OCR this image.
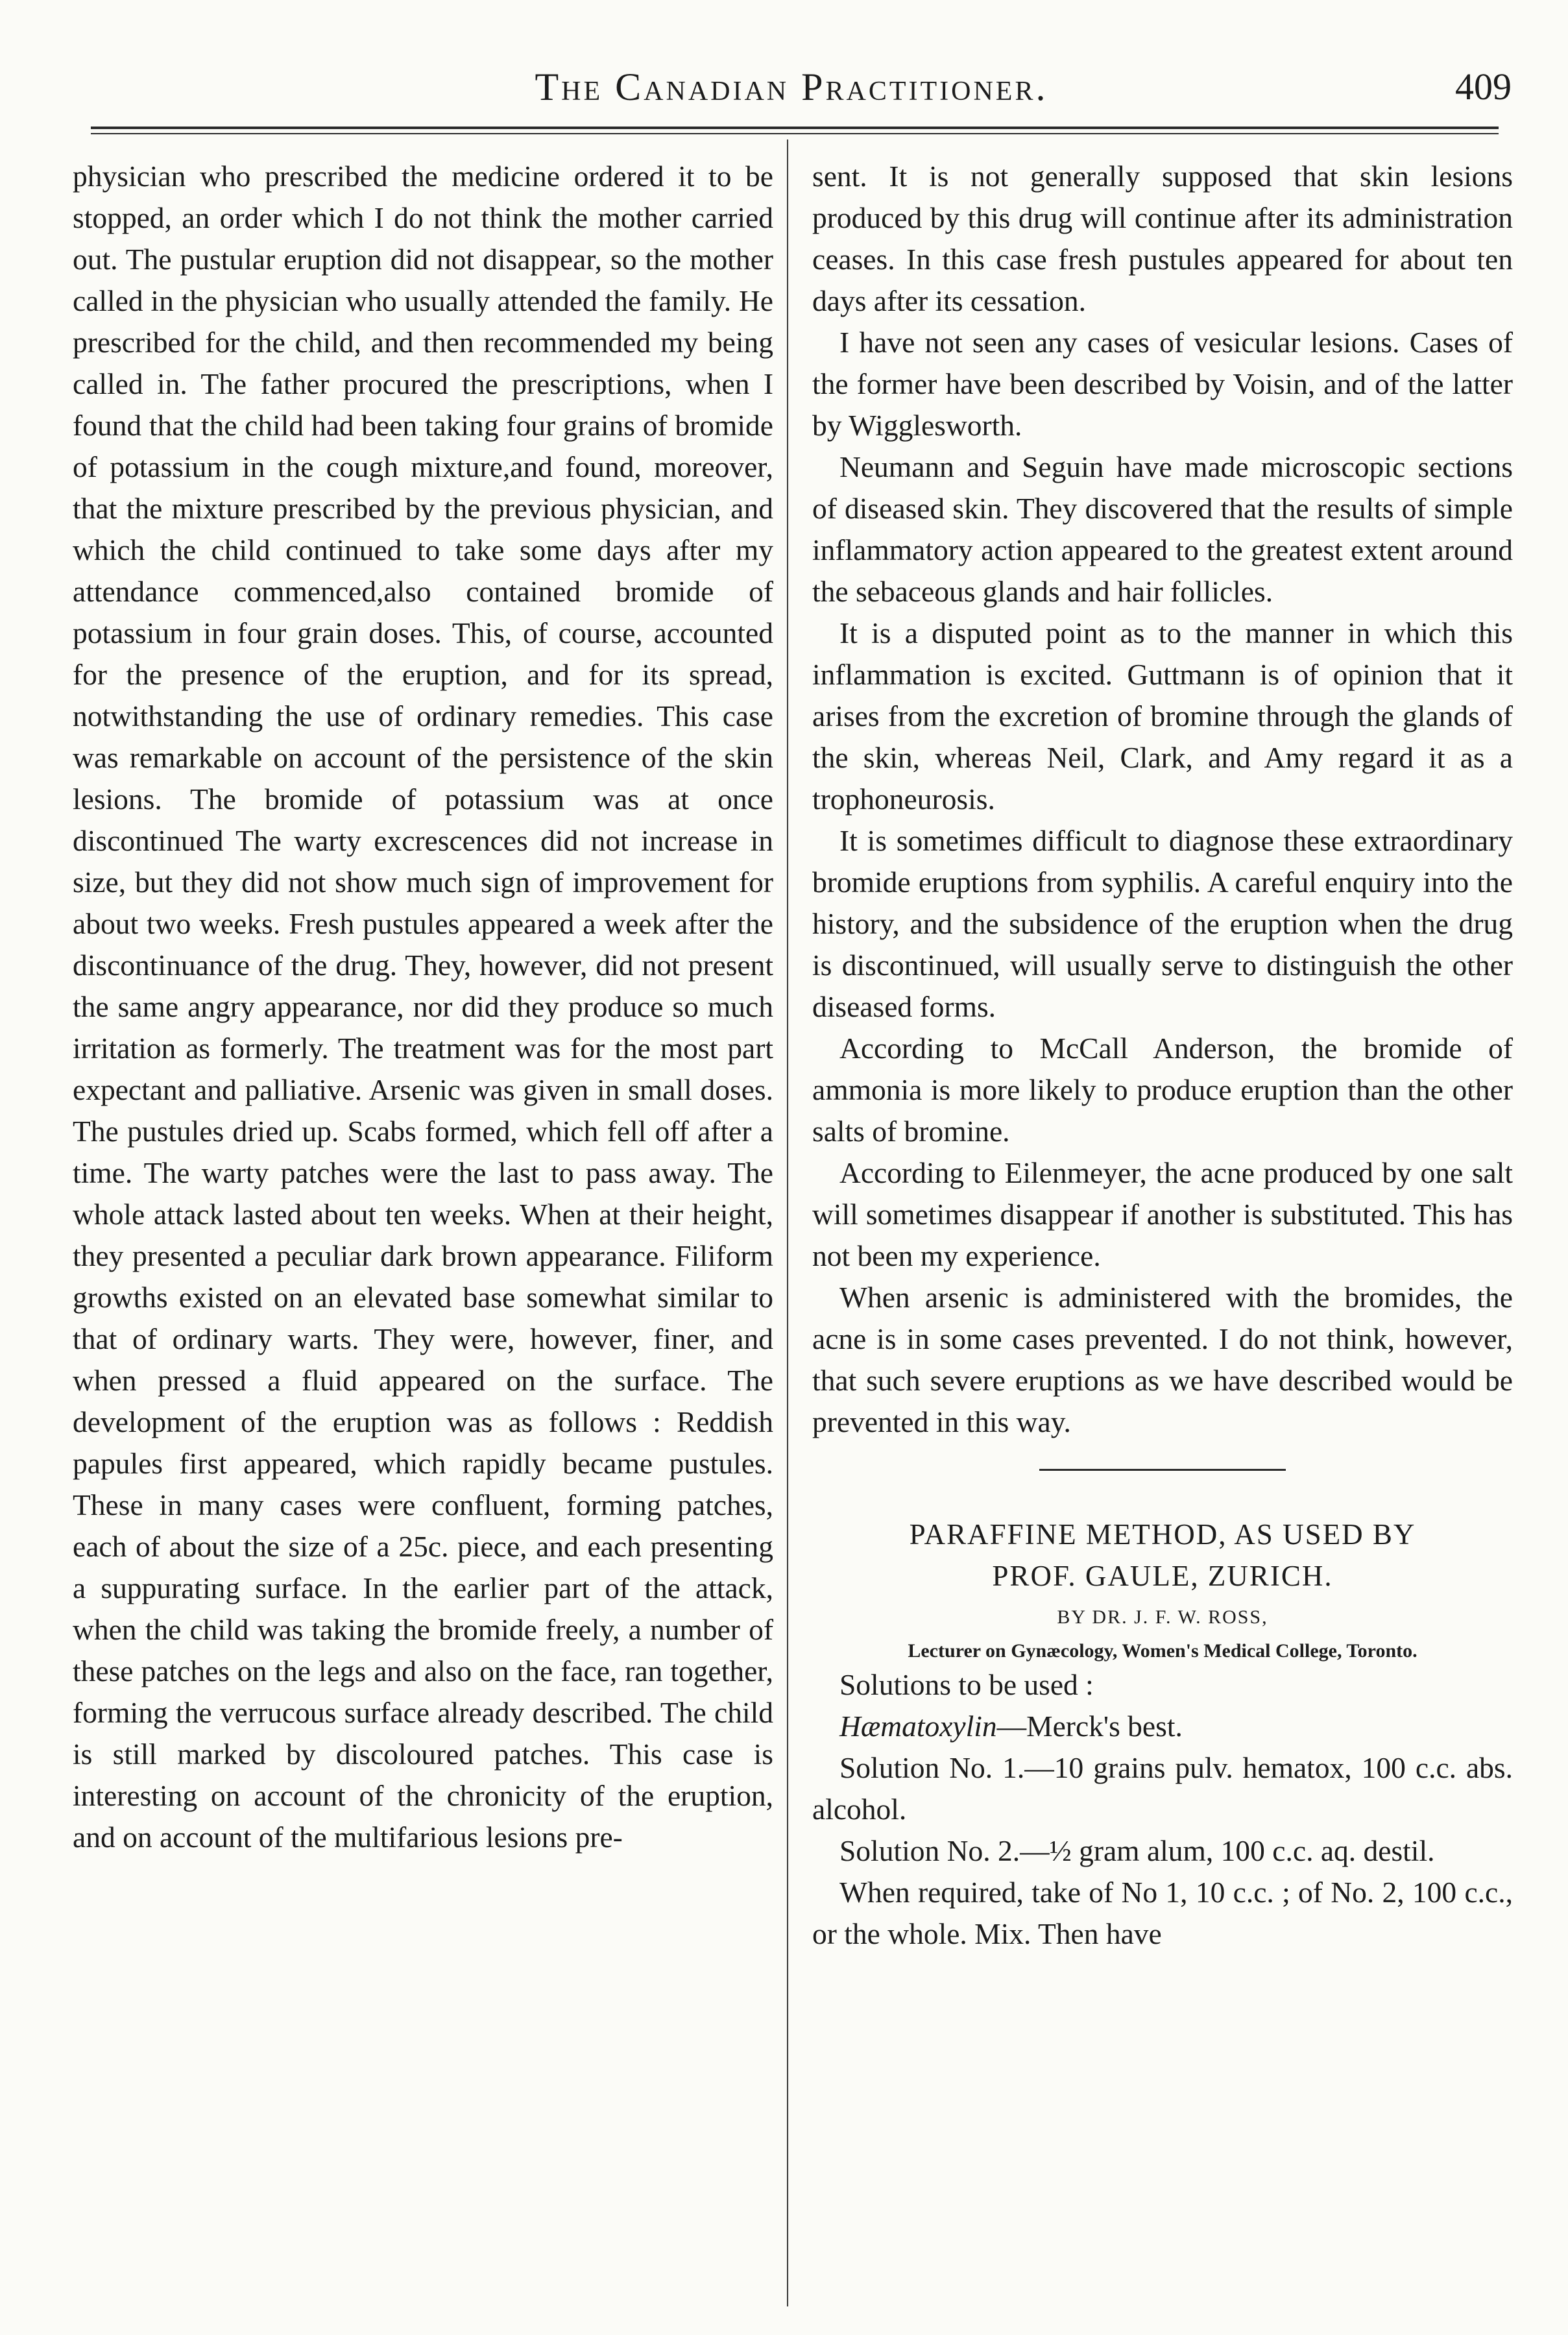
The Canadian Practitioner.	409

physician who prescribed the medicine ordered it to be stopped, an order which I do not think the mother carried out. The pustular eruption did not disappear, so the mother called in the physician who usually attended the family. He prescribed for the child, and then recommended my being called in. The father procured the prescriptions, when I found that the child had been taking four grains of bromide of potassium in the cough mixture,and found, moreover, that the mixture prescribed by the previous physician, and which the child continued to take some days after my attendance commenced,also contained bromide of potassium in four grain doses. This, of course, accounted for the presence of the eruption, and for its spread, notwithstanding the use of ordinary remedies. This case was remarkable on account of the persistence of the skin lesions. The bromide of potassium was at once discontinued The warty excrescences did not increase in size, but they did not show much sign of improvement for about two weeks. Fresh pustules appeared a week after the discontinuance of the drug. They, however, did not present the same angry appearance, nor did they produce so much irritation as formerly. The treatment was for the most part expectant and palliative. Arsenic was given in small doses. The pustules dried up. Scabs formed, which fell off after a time. The warty patches were the last to pass away. The whole attack lasted about ten weeks. When at their height, they presented a peculiar dark brown appearance. Filiform growths existed on an elevated base somewhat similar to that of ordinary warts. They were, however, finer, and when pressed a fluid appeared on the surface. The development of the eruption was as follows : Reddish papules first appeared, which rapidly became pustules. These in many cases were confluent, forming patches, each of about the size of a 25c. piece, and each presenting a suppurating surface. In the earlier part of the attack, when the child was taking the bromide freely, a number of these patches on the legs and also on the face, ran together, forming the verrucous surface already described. The child is still marked by discoloured patches. This case is interesting on account of the chronicity of the eruption, and on account of the multifarious lesions pre-

sent. It is not generally supposed that skin lesions produced by this drug will continue after its administration ceases. In this case fresh pustules appeared for about ten days after its cessation.

I have not seen any cases of vesicular lesions. Cases of the former have been described by Voisin, and of the latter by Wigglesworth.

Neumann and Seguin have made microscopic sections of diseased skin. They discovered that the results of simple inflammatory action appeared to the greatest extent around the sebaceous glands and hair follicles.

It is a disputed point as to the manner in which this inflammation is excited. Guttmann is of opinion that it arises from the excretion of bromine through the glands of the skin, whereas Neil, Clark, and Amy regard it as a trophoneurosis.

It is sometimes difficult to diagnose these extraordinary bromide eruptions from syphilis. A careful enquiry into the history, and the subsidence of the eruption when the drug is discontinued, will usually serve to distinguish the other diseased forms.

According to McCall Anderson, the bromide of ammonia is more likely to produce eruption than the other salts of bromine.

According to Eilenmeyer, the acne produced by one salt will sometimes disappear if another is substituted. This has not been my experience.

When arsenic is administered with the bromides, the acne is in some cases prevented. I do not think, however, that such severe eruptions as we have described would be prevented in this way.

PARAFFINE METHOD, AS USED BY
PROF. GAULE, ZURICH.

BY DR. J. F. W. ROSS,

Lecturer on Gynæcology, Women's Medical College, Toronto.

Solutions to be used :

Hæmatoxylin—Merck's best.

Solution No. 1.—10 grains pulv. hematox, 100 c.c. abs. alcohol.

Solution No. 2.—½ gram alum, 100 c.c. aq. destil.

When required, take of No 1, 10 c.c. ; of No. 2, 100 c.c., or the whole. Mix. Then have
